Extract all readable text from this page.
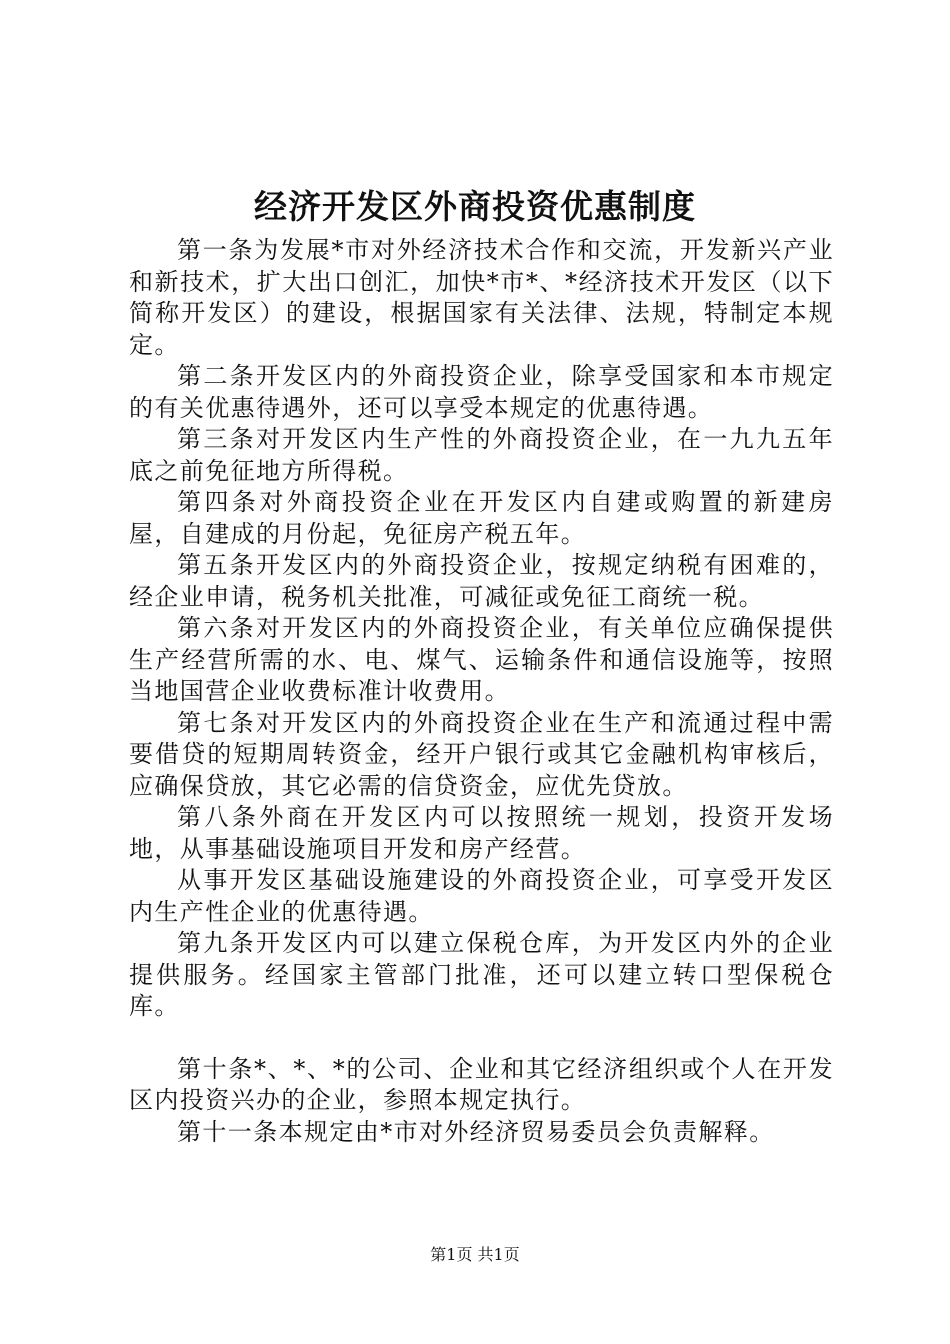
经济开发区外商投资优惠制度

第一条为发展*市对外经济技术合作和交流，开发新兴产业和新技术，扩大出口创汇，加快*市*、*经济技术开发区（以下简称开发区）的建设，根据国家有关法律、法规，特制定本规定。

第二条开发区内的外商投资企业，除享受国家和本市规定的有关优惠待遇外，还可以享受本规定的优惠待遇。

第三条对开发区内生产性的外商投资企业，在一九九五年底之前免征地方所得税。

第四条对外商投资企业在开发区内自建或购置的新建房屋，自建成的月份起，免征房产税五年。

第五条开发区内的外商投资企业，按规定纳税有困难的，经企业申请，税务机关批准，可减征或免征工商统一税。

第六条对开发区内的外商投资企业，有关单位应确保提供生产经营所需的水、电、煤气、运输条件和通信设施等，按照当地国营企业收费标准计收费用。

第七条对开发区内的外商投资企业在生产和流通过程中需要借贷的短期周转资金，经开户银行或其它金融机构审核后，应确保贷放，其它必需的信贷资金，应优先贷放。

第八条外商在开发区内可以按照统一规划，投资开发场地，从事基础设施项目开发和房产经营。

从事开发区基础设施建设的外商投资企业，可享受开发区内生产性企业的优惠待遇。

第九条开发区内可以建立保税仓库，为开发区内外的企业提供服务。经国家主管部门批准，还可以建立转口型保税仓库。

第十条*、*、*的公司、企业和其它经济组织或个人在开发区内投资兴办的企业，参照本规定执行。

第十一条本规定由*市对外经济贸易委员会负责解释。

第1页 共1页
